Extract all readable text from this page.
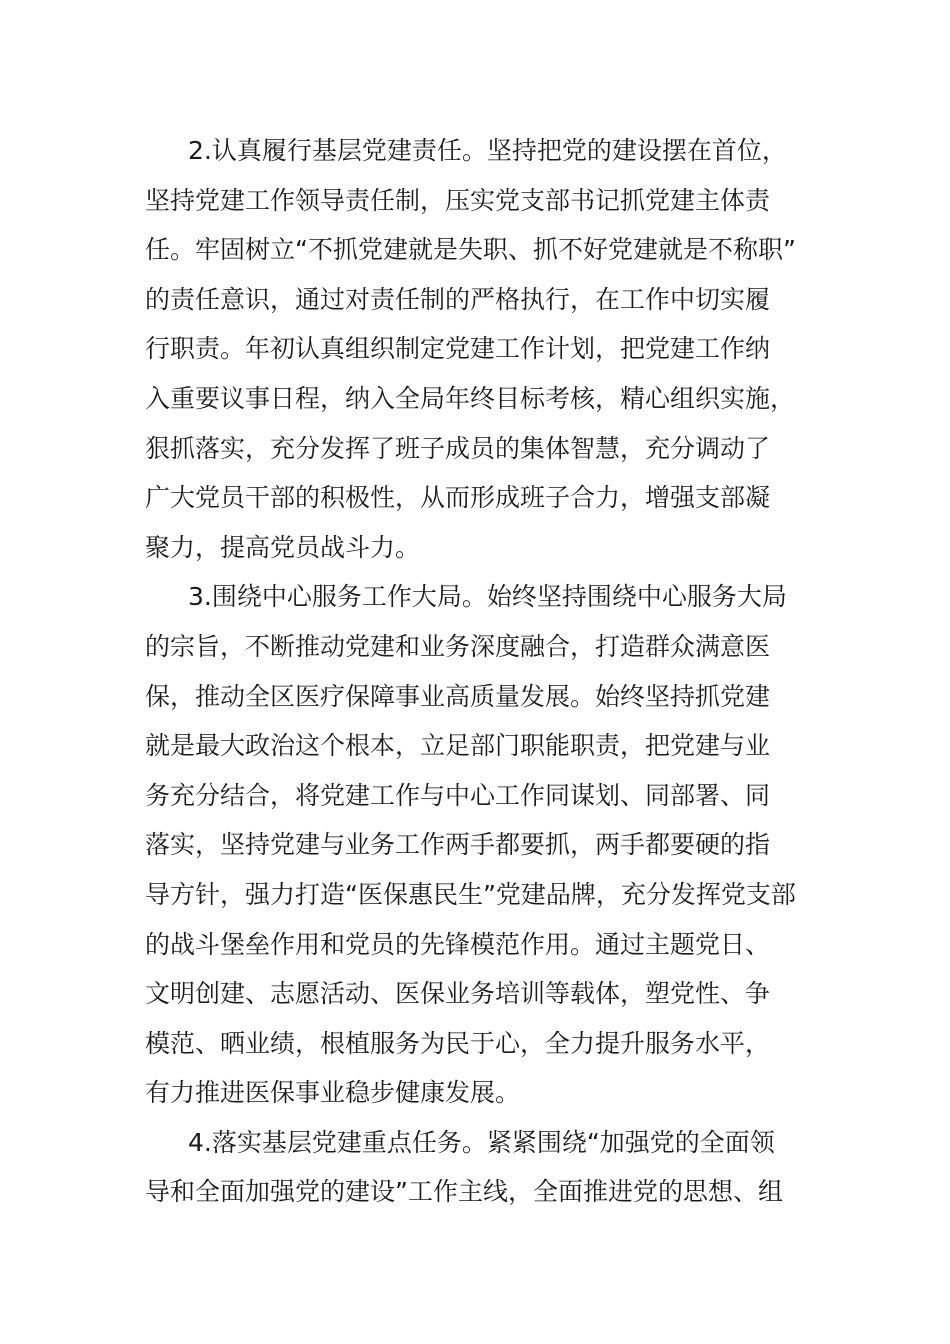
2.认真履行基层党建责任。坚持把党的建设摆在首位，
坚持党建工作领导责任制，压实党支部书记抓党建主体责
任。牢固树立“不抓党建就是失职、抓不好党建就是不称职”
的责任意识，通过对责任制的严格执行，在工作中切实履
行职责。年初认真组织制定党建工作计划，把党建工作纳
入重要议事日程，纳入全局年终目标考核，精心组织实施，
狠抓落实，充分发挥了班子成员的集体智慧，充分调动了
广大党员干部的积极性，从而形成班子合力，增强支部凝
聚力，提高党员战斗力。
3.围绕中心服务工作大局。始终坚持围绕中心服务大局
的宗旨，不断推动党建和业务深度融合，打造群众满意医
保，推动全区医疗保障事业高质量发展。始终坚持抓党建
就是最大政治这个根本，立足部门职能职责，把党建与业
务充分结合，将党建工作与中心工作同谋划、同部署、同
落实，坚持党建与业务工作两手都要抓，两手都要硬的指
导方针，强力打造“医保惠民生”党建品牌，充分发挥党支部
的战斗堡垒作用和党员的先锋模范作用。通过主题党日、
文明创建、志愿活动、医保业务培训等载体，塑党性、争
模范、晒业绩，根植服务为民于心，全力提升服务水平，
有力推进医保事业稳步健康发展。
4.落实基层党建重点任务。紧紧围绕“加强党的全面领
导和全面加强党的建设”工作主线，全面推进党的思想、组
